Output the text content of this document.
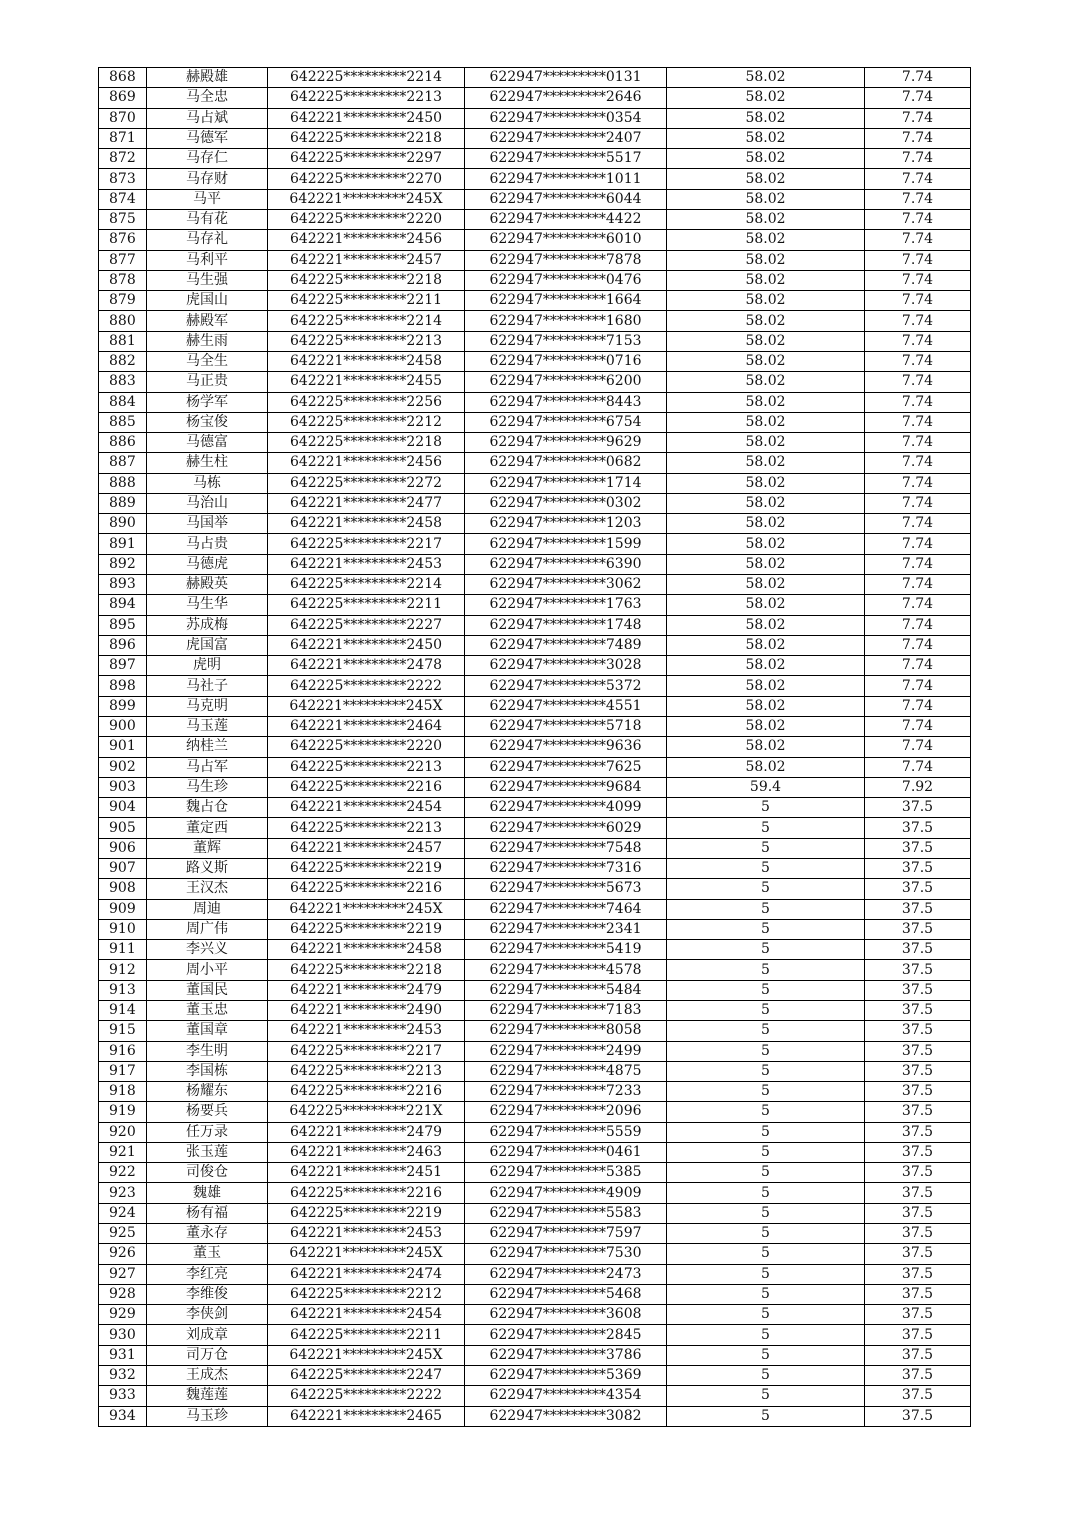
868	赫殿雄	642225*********2214	622947*********0131	58.02	7.74
869	马全忠	642225*********2213	622947*********2646	58.02	7.74
870	马占斌	642221*********2450	622947*********0354	58.02	7.74
871	马德军	642225*********2218	622947*********2407	58.02	7.74
872	马存仁	642225*********2297	622947*********5517	58.02	7.74
873	马存财	642225*********2270	622947*********1011	58.02	7.74
874	马平	642221*********245X	622947*********6044	58.02	7.74
875	马有花	642225*********2220	622947*********4422	58.02	7.74
876	马存礼	642221*********2456	622947*********6010	58.02	7.74
877	马利平	642221*********2457	622947*********7878	58.02	7.74
878	马生强	642225*********2218	622947*********0476	58.02	7.74
879	虎国山	642225*********2211	622947*********1664	58.02	7.74
880	赫殿军	642225*********2214	622947*********1680	58.02	7.74
881	赫生雨	642225*********2213	622947*********7153	58.02	7.74
882	马全生	642221*********2458	622947*********0716	58.02	7.74
883	马正贵	642221*********2455	622947*********6200	58.02	7.74
884	杨学军	642225*********2256	622947*********8443	58.02	7.74
885	杨宝俊	642225*********2212	622947*********6754	58.02	7.74
886	马德富	642225*********2218	622947*********9629	58.02	7.74
887	赫生柱	642221*********2456	622947*********0682	58.02	7.74
888	马栋	642225*********2272	622947*********1714	58.02	7.74
889	马治山	642221*********2477	622947*********0302	58.02	7.74
890	马国举	642221*********2458	622947*********1203	58.02	7.74
891	马占贵	642225*********2217	622947*********1599	58.02	7.74
892	马德虎	642221*********2453	622947*********6390	58.02	7.74
893	赫殿英	642225*********2214	622947*********3062	58.02	7.74
894	马生华	642225*********2211	622947*********1763	58.02	7.74
895	苏成梅	642225*********2227	622947*********1748	58.02	7.74
896	虎国富	642221*********2450	622947*********7489	58.02	7.74
897	虎明	642221*********2478	622947*********3028	58.02	7.74
898	马社子	642225*********2222	622947*********5372	58.02	7.74
899	马克明	642221*********245X	622947*********4551	58.02	7.74
900	马玉莲	642221*********2464	622947*********5718	58.02	7.74
901	纳桂兰	642225*********2220	622947*********9636	58.02	7.74
902	马占军	642225*********2213	622947*********7625	58.02	7.74
903	马生珍	642225*********2216	622947*********9684	59.4	7.92
904	魏占仓	642221*********2454	622947*********4099	5	37.5
905	董定西	642225*********2213	622947*********6029	5	37.5
906	董辉	642221*********2457	622947*********7548	5	37.5
907	路义斯	642225*********2219	622947*********7316	5	37.5
908	王汉杰	642225*********2216	622947*********5673	5	37.5
909	周迪	642221*********245X	622947*********7464	5	37.5
910	周广伟	642225*********2219	622947*********2341	5	37.5
911	李兴义	642221*********2458	622947*********5419	5	37.5
912	周小平	642225*********2218	622947*********4578	5	37.5
913	董国民	642221*********2479	622947*********5484	5	37.5
914	董玉忠	642221*********2490	622947*********7183	5	37.5
915	董国章	642221*********2453	622947*********8058	5	37.5
916	李生明	642225*********2217	622947*********2499	5	37.5
917	李国栋	642225*********2213	622947*********4875	5	37.5
918	杨耀东	642225*********2216	622947*********7233	5	37.5
919	杨要兵	642225*********221X	622947*********2096	5	37.5
920	任万录	642221*********2479	622947*********5559	5	37.5
921	张玉莲	642221*********2463	622947*********0461	5	37.5
922	司俊仓	642221*********2451	622947*********5385	5	37.5
923	魏雄	642225*********2216	622947*********4909	5	37.5
924	杨有福	642225*********2219	622947*********5583	5	37.5
925	董永存	642221*********2453	622947*********7597	5	37.5
926	董玉	642221*********245X	622947*********7530	5	37.5
927	李红亮	642221*********2474	622947*********2473	5	37.5
928	李维俊	642225*********2212	622947*********5468	5	37.5
929	李侠剑	642221*********2454	622947*********3608	5	37.5
930	刘成章	642225*********2211	622947*********2845	5	37.5
931	司万仓	642221*********245X	622947*********3786	5	37.5
932	王成杰	642225*********2247	622947*********5369	5	37.5
933	魏莲莲	642225*********2222	622947*********4354	5	37.5
934	马玉珍	642221*********2465	622947*********3082	5	37.5
